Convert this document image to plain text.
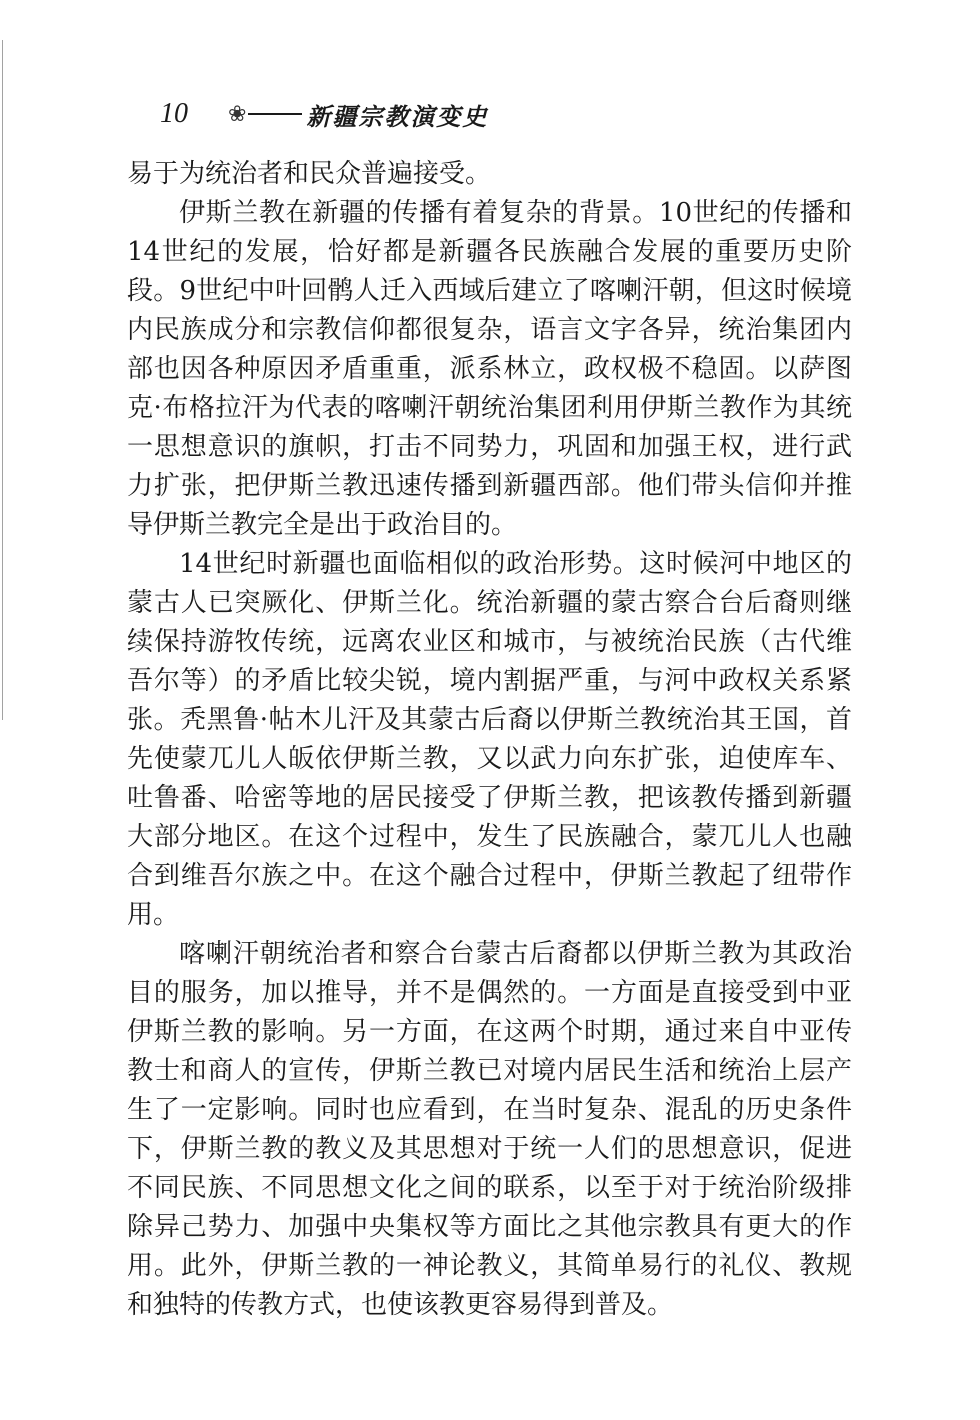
10 ❀	新疆宗教演变史

易于为统治者和民众普遍接受。

伊斯兰教在新疆的传播有着复杂的背景。10世纪的传播和14世纪的发展，恰好都是新疆各民族融合发展的重要历史阶段。9世纪中叶回鹘人迁入西域后建立了喀喇汗朝，但这时候境内民族成分和宗教信仰都很复杂，语言文字各异，统治集团内部也因各种原因矛盾重重，派系林立，政权极不稳固。以萨图克·布格拉汗为代表的喀喇汗朝统治集团利用伊斯兰教作为其统一思想意识的旗帜，打击不同势力，巩固和加强王权，进行武力扩张，把伊斯兰教迅速传播到新疆西部。他们带头信仰并推导伊斯兰教完全是出于政治目的。

14世纪时新疆也面临相似的政治形势。这时候河中地区的蒙古人已突厥化、伊斯兰化。统治新疆的蒙古察合台后裔则继续保持游牧传统，远离农业区和城市，与被统治民族（古代维吾尔等）的矛盾比较尖锐，境内割据严重，与河中政权关系紧张。秃黑鲁·帖木儿汗及其蒙古后裔以伊斯兰教统治其王国，首先使蒙兀儿人皈依伊斯兰教，又以武力向东扩张，迫使库车、吐鲁番、哈密等地的居民接受了伊斯兰教，把该教传播到新疆大部分地区。在这个过程中，发生了民族融合，蒙兀儿人也融合到维吾尔族之中。在这个融合过程中，伊斯兰教起了纽带作用。

喀喇汗朝统治者和察合台蒙古后裔都以伊斯兰教为其政治目的服务，加以推导，并不是偶然的。一方面是直接受到中亚伊斯兰教的影响。另一方面，在这两个时期，通过来自中亚传教士和商人的宣传，伊斯兰教已对境内居民生活和统治上层产生了一定影响。同时也应看到，在当时复杂、混乱的历史条件下，伊斯兰教的教义及其思想对于统一人们的思想意识，促进不同民族、不同思想文化之间的联系，以至于对于统治阶级排除异己势力、加强中央集权等方面比之其他宗教具有更大的作用。此外，伊斯兰教的一神论教义，其简单易行的礼仪、教规和独特的传教方式，也使该教更容易得到普及。
